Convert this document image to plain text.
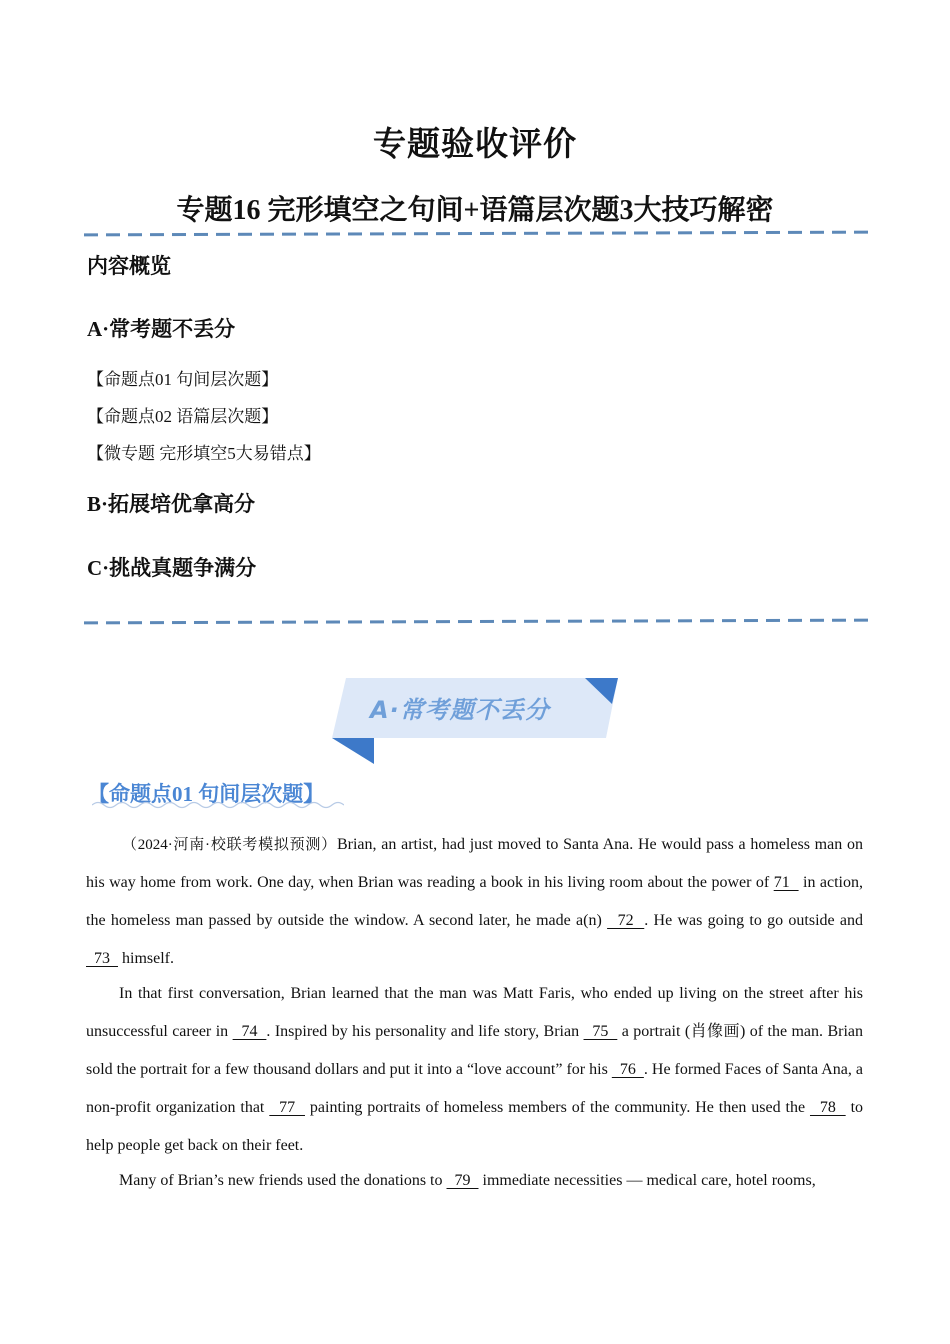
专题验收评价
专题16 完形填空之句间+语篇层次题3大技巧解密
内容概览
A·常考题不丢分
【命题点01 句间层次题】
【命题点02 语篇层次题】
【微专题 完形填空5大易错点】
B·拓展培优拿高分
C·挑战真题争满分
A·常考题不丢分
【命题点01 句间层次题】
（2024·河南·校联考模拟预测）Brian, an artist, had just moved to Santa Ana. He would pass a homeless man on his way home from work. One day, when Brian was reading a book in his living room about the power of 71   in action, the homeless man passed by outside the window. A second later, he made a(n)   72  . He was going to go outside and   73   himself.
In that first conversation, Brian learned that the man was Matt Faris, who ended up living on the street after his unsuccessful career in   74  . Inspired by his personality and life story, Brian   75   a portrait (肖像画) of the man. Brian sold the portrait for a few thousand dollars and put it into a “love account” for his   76  . He formed Faces of Santa Ana, a non-profit organization that   77   painting portraits of homeless members of the community. He then used the   78   to help people get back on their feet.
Many of Brian’s new friends used the donations to   79   immediate necessities — medical care, hotel rooms,
